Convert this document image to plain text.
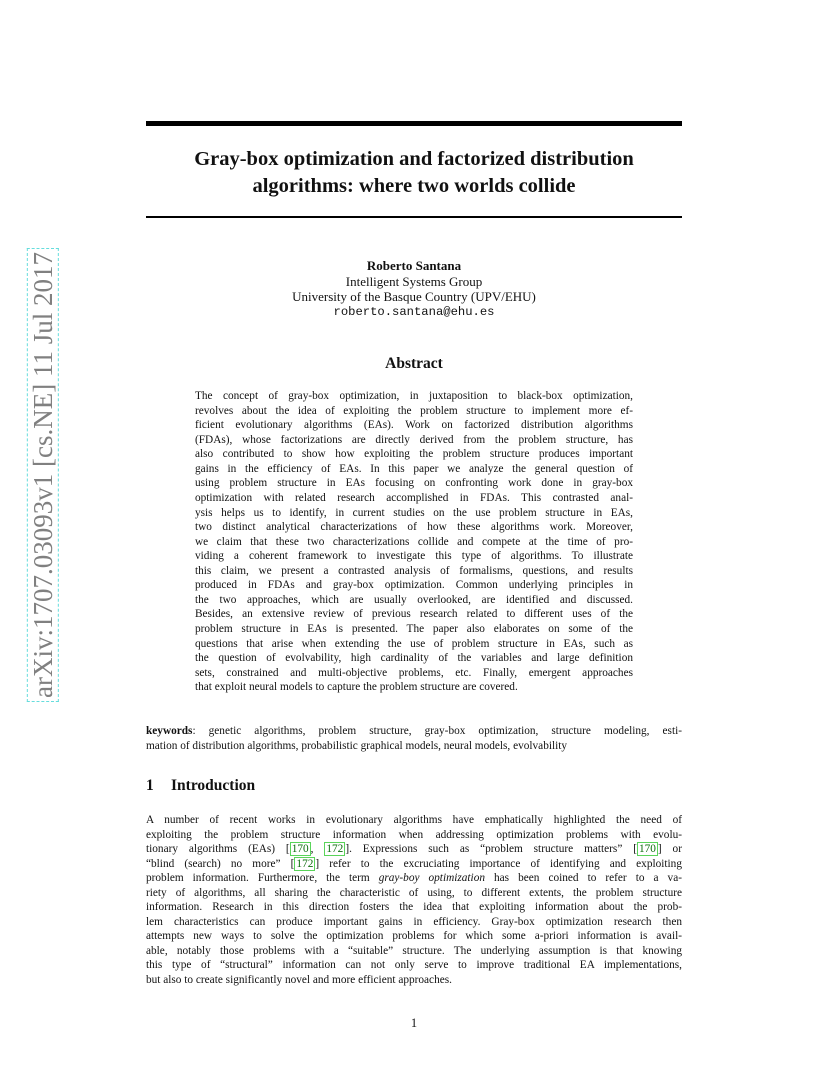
arXiv:1707.03093v1 [cs.NE] 11 Jul 2017
Gray-box optimization and factorized distribution
algorithms: where two worlds collide
Roberto Santana
Intelligent Systems Group
University of the Basque Country (UPV/EHU)
roberto.santana@ehu.es
Abstract
The concept of gray-box optimization, in juxtaposition to black-box optimization,
revolves about the idea of exploiting the problem structure to implement more ef-
ficient evolutionary algorithms (EAs). Work on factorized distribution algorithms
(FDAs), whose factorizations are directly derived from the problem structure, has
also contributed to show how exploiting the problem structure produces important
gains in the efficiency of EAs. In this paper we analyze the general question of
using problem structure in EAs focusing on confronting work done in gray-box
optimization with related research accomplished in FDAs. This contrasted anal-
ysis helps us to identify, in current studies on the use problem structure in EAs,
two distinct analytical characterizations of how these algorithms work. Moreover,
we claim that these two characterizations collide and compete at the time of pro-
viding a coherent framework to investigate this type of algorithms. To illustrate
this claim, we present a contrasted analysis of formalisms, questions, and results
produced in FDAs and gray-box optimization. Common underlying principles in
the two approaches, which are usually overlooked, are identified and discussed.
Besides, an extensive review of previous research related to different uses of the
problem structure in EAs is presented. The paper also elaborates on some of the
questions that arise when extending the use of problem structure in EAs, such as
the question of evolvability, high cardinality of the variables and large definition
sets, constrained and multi-objective problems, etc. Finally, emergent approaches
that exploit neural models to capture the problem structure are covered.
keywords: genetic algorithms, problem structure, gray-box optimization, structure modeling, esti-
mation of distribution algorithms, probabilistic graphical models, neural models, evolvability
1 Introduction
A number of recent works in evolutionary algorithms have emphatically highlighted the need of
exploiting the problem structure information when addressing optimization problems with evolu-
tionary algorithms (EAs) [ 170 , 172 ]. Expressions such as “problem structure matters” [ 170 ] or
“blind (search) no more” [ 172 ] refer to the excruciating importance of identifying and exploiting
problem information. Furthermore, the term gray-boy optimization has been coined to refer to a va-
riety of algorithms, all sharing the characteristic of using, to different extents, the problem structure
information. Research in this direction fosters the idea that exploiting information about the prob-
lem characteristics can produce important gains in efficiency. Gray-box optimization research then
attempts new ways to solve the optimization problems for which some a-priori information is avail-
able, notably those problems with a “suitable” structure. The underlying assumption is that knowing
this type of “structural” information can not only serve to improve traditional EA implementations,
but also to create significantly novel and more efficient approaches.
1
